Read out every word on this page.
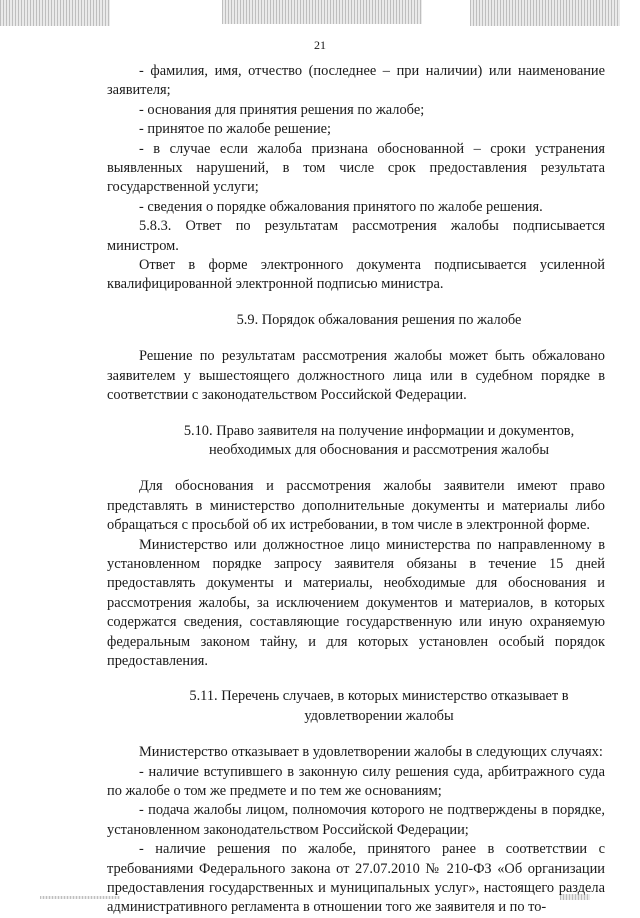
21

- фамилия, имя, отчество (последнее – при наличии) или наименование заявителя;

- основания для принятия решения по жалобе;

- принятое по жалобе решение;

- в случае если жалоба признана обоснованной – сроки устранения выявленных нарушений, в том числе срок предоставления результата государственной услуги;

- сведения о порядке обжалования принятого по жалобе решения.

5.8.3. Ответ по результатам рассмотрения жалобы подписывается министром.

Ответ в форме электронного документа подписывается усиленной квалифицированной электронной подписью министра.

5.9. Порядок обжалования решения по жалобе

Решение по результатам рассмотрения жалобы может быть обжаловано заявителем у вышестоящего должностного лица или в судебном порядке в соответствии с законодательством Российской Федерации.

5.10. Право заявителя на получение информации и документов, необходимых для обоснования и рассмотрения жалобы

Для обоснования и рассмотрения жалобы заявители имеют право представлять в министерство дополнительные документы и материалы либо обращаться с просьбой об их истребовании, в том числе в электронной форме.

Министерство или должностное лицо министерства по направленному в установленном порядке запросу заявителя обязаны в течение 15 дней предоставлять документы и материалы, необходимые для обоснования и рассмотрения жалобы, за исключением документов и материалов, в которых содержатся сведения, составляющие государственную или иную охраняемую федеральным законом тайну, и для которых установлен особый порядок предоставления.

5.11. Перечень случаев, в которых министерство отказывает в удовлетворении жалобы

Министерство отказывает в удовлетворении жалобы в следующих случаях:

- наличие вступившего в законную силу решения суда, арбитражного суда по жалобе о том же предмете и по тем же основаниям;

- подача жалобы лицом, полномочия которого не подтверждены в порядке, установленном законодательством Российской Федерации;

- наличие решения по жалобе, принятого ранее в соответствии с требованиями Федерального закона от 27.07.2010 № 210-ФЗ «Об организации предоставления государственных и муниципальных услуг», настоящего раздела административного регламента в отношении того же заявителя и по то-
